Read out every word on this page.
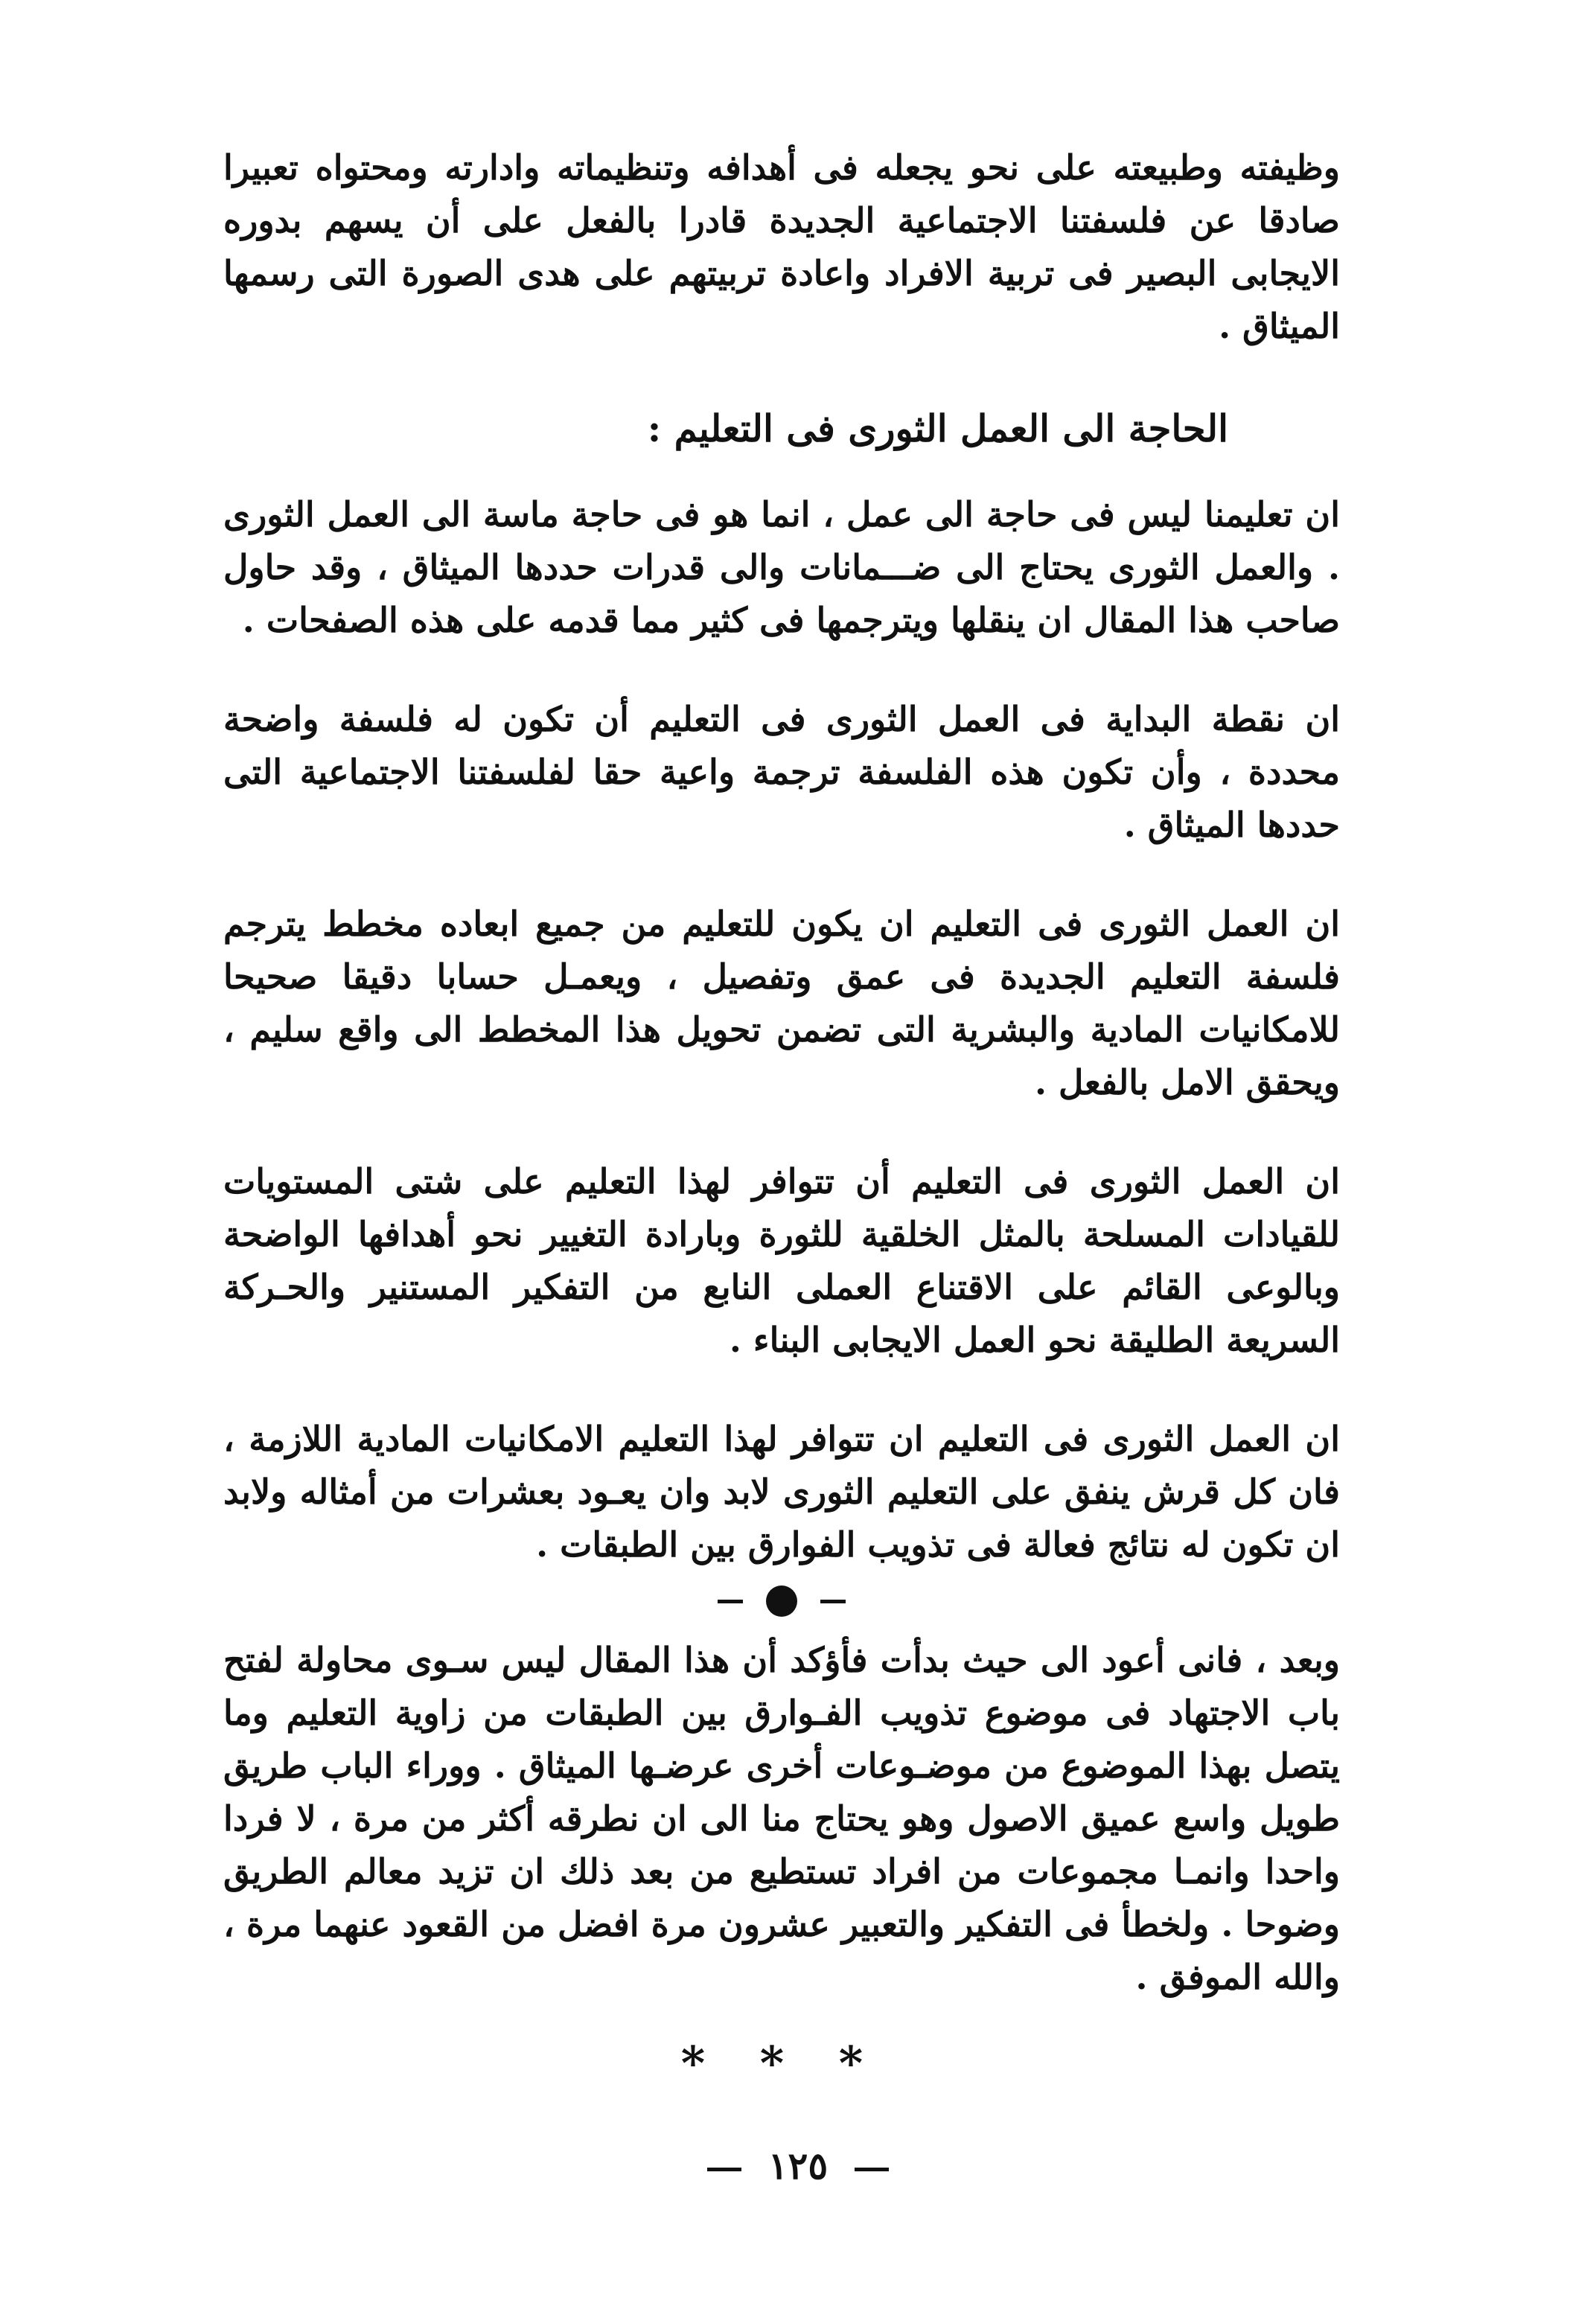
وظيفته وطبيعته على نحو يجعله فى أهدافه وتنظيماته وادارته ومحتواه تعبيرا صادقا عن فلسفتنا الاجتماعية الجديدة قادرا بالفعل على أن يسهم بدوره الايجابى البصير فى تربية الافراد واعادة تربيتهم على هدى الصورة التى رسمها الميثاق .

الحاجة الى العمل الثورى فى التعليم :

ان تعليمنا ليس فى حاجة الى عمل ، انما هو فى حاجة ماسة الى العمل الثورى . والعمل الثورى يحتاج الى ضـــمانات والى قدرات حددها الميثاق ، وقد حاول صاحب هذا المقال ان ينقلها ويترجمها فى كثير مما قدمه على هذه الصفحات .

ان نقطة البداية فى العمل الثورى فى التعليم أن تكون له فلسفة واضحة محددة ، وأن تكون هذه الفلسفة ترجمة واعية حقا لفلسفتنا الاجتماعية التى حددها الميثاق .

ان العمل الثورى فى التعليم ان يكون للتعليم من جميع ابعاده مخطط يترجم فلسفة التعليم الجديدة فى عمق وتفصيل ، ويعمـل حسابا دقيقا صحيحا للامكانيات المادية والبشرية التى تضمن تحويل هذا المخطط الى واقع سليم ، ويحقق الامل بالفعل .

ان العمل الثورى فى التعليم أن تتوافر لهذا التعليم على شتى المستويات للقيادات المسلحة بالمثل الخلقية للثورة وبارادة التغيير نحو أهدافها الواضحة وبالوعى القائم على الاقتناع العملى النابع من التفكير المستنير والحـركة السريعة الطليقة نحو العمل الايجابى البناء .

ان العمل الثورى فى التعليم ان تتوافر لهذا التعليم الامكانيات المادية اللازمة ، فان كل قرش ينفق على التعليم الثورى لابد وان يعـود بعشرات من أمثاله ولابد ان تكون له نتائج فعالة فى تذويب الفوارق بين الطبقات .

وبعد ، فانى أعود الى حيث بدأت فأؤكد أن هذا المقال ليس سـوى محاولة لفتح باب الاجتهاد فى موضوع تذويب الفـوارق بين الطبقات من زاوية التعليم وما يتصل بهذا الموضوع من موضـوعات أخرى عرضـها الميثاق . ووراء الباب طريق طويل واسع عميق الاصول وهو يحتاج منا الى ان نطرقه أكثر من مرة ، لا فردا واحدا وانمـا مجموعات من افراد تستطيع من بعد ذلك ان تزيد معالم الطريق وضوحا . ولخطأ فى التفكير والتعبير عشرون مرة افضل من القعود عنهما مرة ، والله الموفق .

* * *
١٢٥
